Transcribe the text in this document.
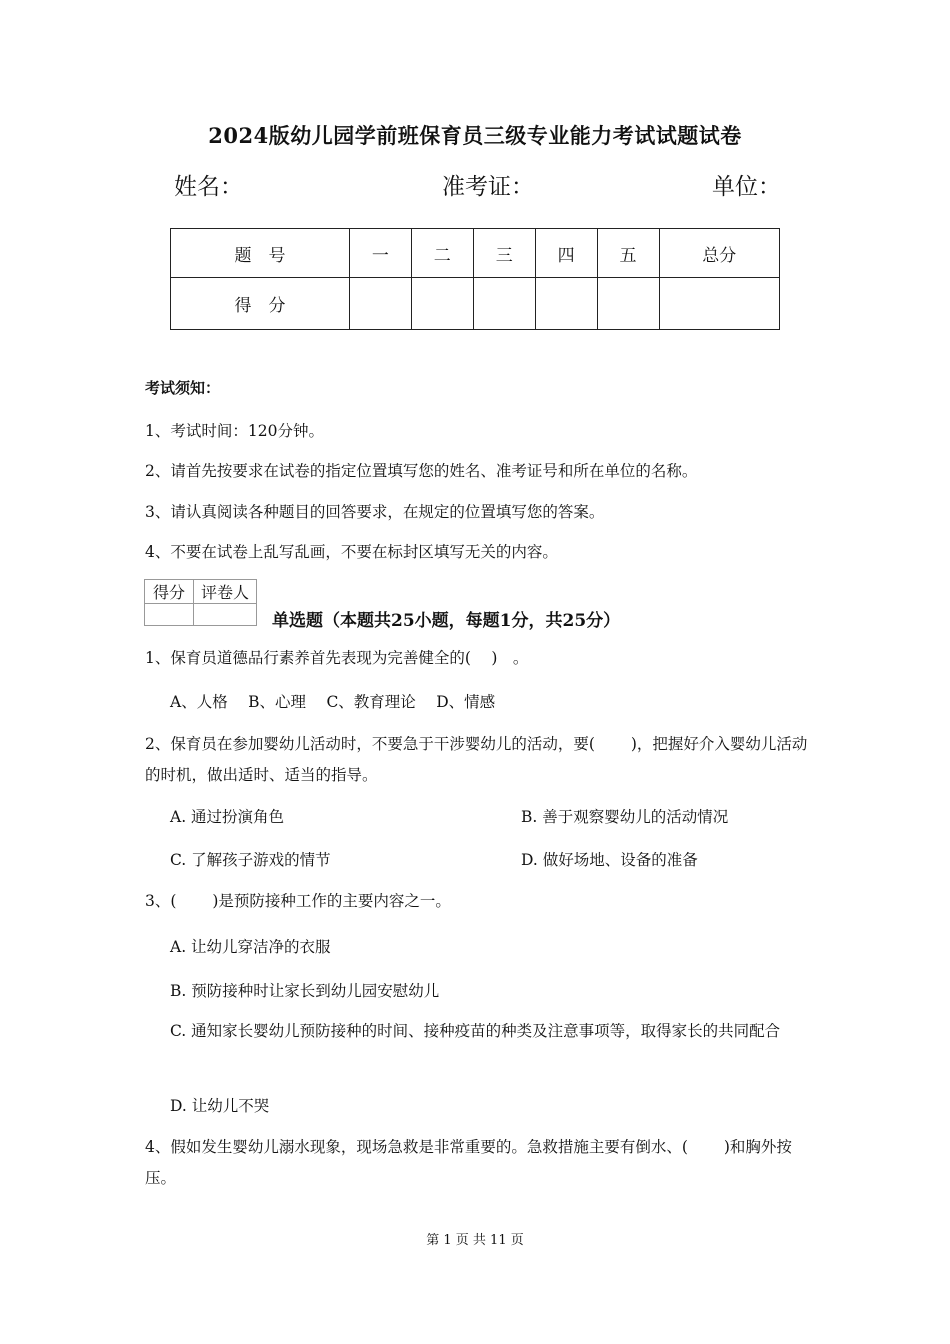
2024版幼儿园学前班保育员三级专业能力考试试题试卷
姓名：	准考证：	单位：
题　号	一	二	三	四	五	总分
得　分						
考试须知：
1、考试时间：120分钟。
2、请首先按要求在试卷的指定位置填写您的姓名、准考证号和所在单位的名称。
3、请认真阅读各种题目的回答要求，在规定的位置填写您的答案。
4、不要在试卷上乱写乱画，不要在标封区填写无关的内容。
得分	评卷人

单选题（本题共25小题，每题1分，共25分）
1、保育员道德品行素养首先表现为完善健全的(　 )　。
A、人格　 B、心理　 C、教育理论　 D、情感
2、保育员在参加婴幼儿活动时，不要急于干涉婴幼儿的活动，要(　　 )，把握好介入婴幼儿活动的时机，做出适时、适当的指导。
A. 通过扮演角色	B. 善于观察婴幼儿的活动情况
C. 了解孩子游戏的情节	D. 做好场地、设备的准备
3、(　　 )是预防接种工作的主要内容之一。
A. 让幼儿穿洁净的衣服
B. 预防接种时让家长到幼儿园安慰幼儿
C. 通知家长婴幼儿预防接种的时间、接种疫苗的种类及注意事项等，取得家长的共同配合
D. 让幼儿不哭
4、假如发生婴幼儿溺水现象，现场急救是非常重要的。急救措施主要有倒水、(　　 )和胸外按压。
第 1 页 共 11 页
